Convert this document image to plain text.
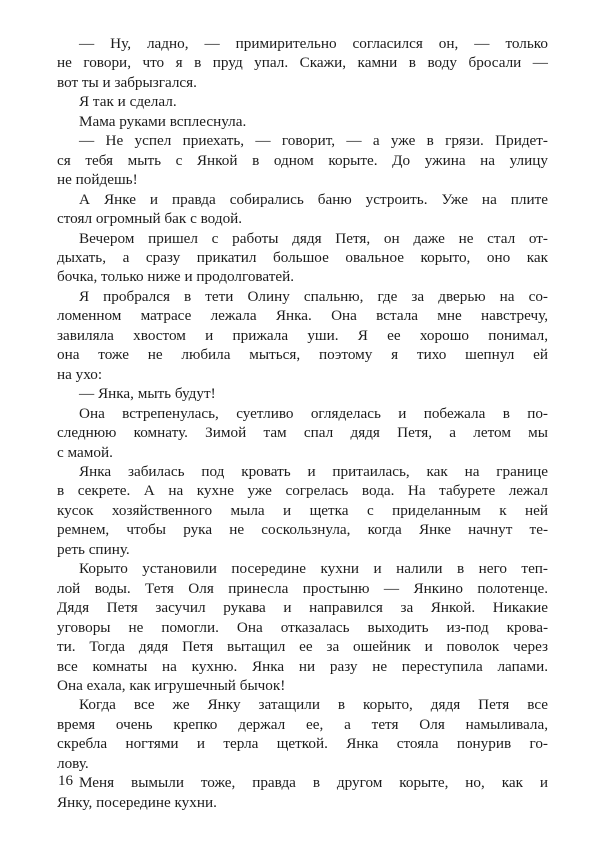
— Ну, ладно, — примирительно согласился он, — только
не говори, что я в пруд упал. Скажи, камни в воду бросали —
вот ты и забрызгался.
Я так и сделал.
Мама руками всплеснула.
— Не успел приехать, — говорит, — а уже в грязи. Придет-
ся тебя мыть с Янкой в одном корыте. До ужина на улицу
не пойдешь!
А Янке и правда собирались баню устроить. Уже на плите
стоял огромный бак с водой.
Вечером пришел с работы дядя Петя, он даже не стал от-
дыхать, а сразу прикатил большое овальное корыто, оно как
бочка, только ниже и продолговатей.
Я пробрался в тети Олину спальню, где за дверью на со-
ломенном матрасе лежала Янка. Она встала мне навстречу,
завиляла хвостом и прижала уши. Я ее хорошо понимал,
она тоже не любила мыться, поэтому я тихо шепнул ей
на ухо:
— Янка, мыть будут!
Она встрепенулась, суетливо огляделась и побежала в по-
следнюю комнату. Зимой там спал дядя Петя, а летом мы
с мамой.
Янка забилась под кровать и притаилась, как на границе
в секрете. А на кухне уже согрелась вода. На табурете лежал
кусок хозяйственного мыла и щетка с приделанным к ней
ремнем, чтобы рука не соскользнула, когда Янке начнут те-
реть спину.
Корыто установили посередине кухни и налили в него теп-
лой воды. Тетя Оля принесла простыню — Янкино полотенце.
Дядя Петя засучил рукава и направился за Янкой. Никакие
уговоры не помогли. Она отказалась выходить из-под крова-
ти. Тогда дядя Петя вытащил ее за ошейник и поволок через
все комнаты на кухню. Янка ни разу не переступила лапами.
Она ехала, как игрушечный бычок!
Когда все же Янку затащили в корыто, дядя Петя все
время очень крепко держал ее, а тетя Оля намыливала,
скребла ногтями и терла щеткой. Янка стояла понурив го-
лову.
Меня вымыли тоже, правда в другом корыте, но, как и
Янку, посередине кухни.
16
